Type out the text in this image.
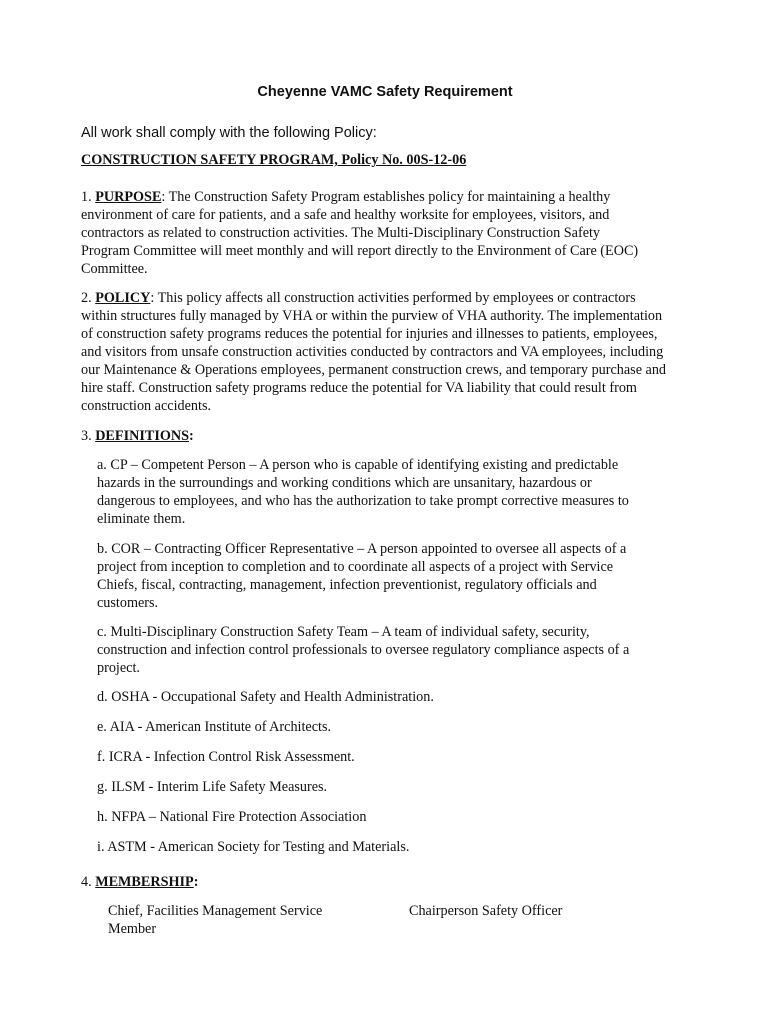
Cheyenne VAMC Safety Requirement
All work shall comply with the following Policy:
CONSTRUCTION SAFETY PROGRAM, Policy No. 00S-12-06
1. PURPOSE: The Construction Safety Program establishes policy for maintaining a healthy
environment of care for patients, and a safe and healthy worksite for employees, visitors, and
contractors as related to construction activities. The Multi-Disciplinary Construction Safety
Program Committee will meet monthly and will report directly to the Environment of Care (EOC)
Committee.
2. POLICY: This policy affects all construction activities performed by employees or contractors
within structures fully managed by VHA or within the purview of VHA authority. The implementation
of construction safety programs reduces the potential for injuries and illnesses to patients, employees,
and visitors from unsafe construction activities conducted by contractors and VA employees, including
our Maintenance & Operations employees, permanent construction crews, and temporary purchase and
hire staff. Construction safety programs reduce the potential for VA liability that could result from
construction accidents.
3. DEFINITIONS:
a. CP – Competent Person – A person who is capable of identifying existing and predictable
hazards in the surroundings and working conditions which are unsanitary, hazardous or
dangerous to employees, and who has the authorization to take prompt corrective measures to
eliminate them.
b. COR – Contracting Officer Representative – A person appointed to oversee all aspects of a
project from inception to completion and to coordinate all aspects of a project with Service
Chiefs, fiscal, contracting, management, infection preventionist, regulatory officials and
customers.
c. Multi-Disciplinary Construction Safety Team – A team of individual safety, security,
construction and infection control professionals to oversee regulatory compliance aspects of a
project.
d. OSHA - Occupational Safety and Health Administration.
e. AIA - American Institute of Architects.
f. ICRA - Infection Control Risk Assessment.
g. ILSM - Interim Life Safety Measures.
h. NFPA – National Fire Protection Association
i. ASTM - American Society for Testing and Materials.
4. MEMBERSHIP:
Chief, Facilities Management Service
Member
Chairperson Safety Officer
